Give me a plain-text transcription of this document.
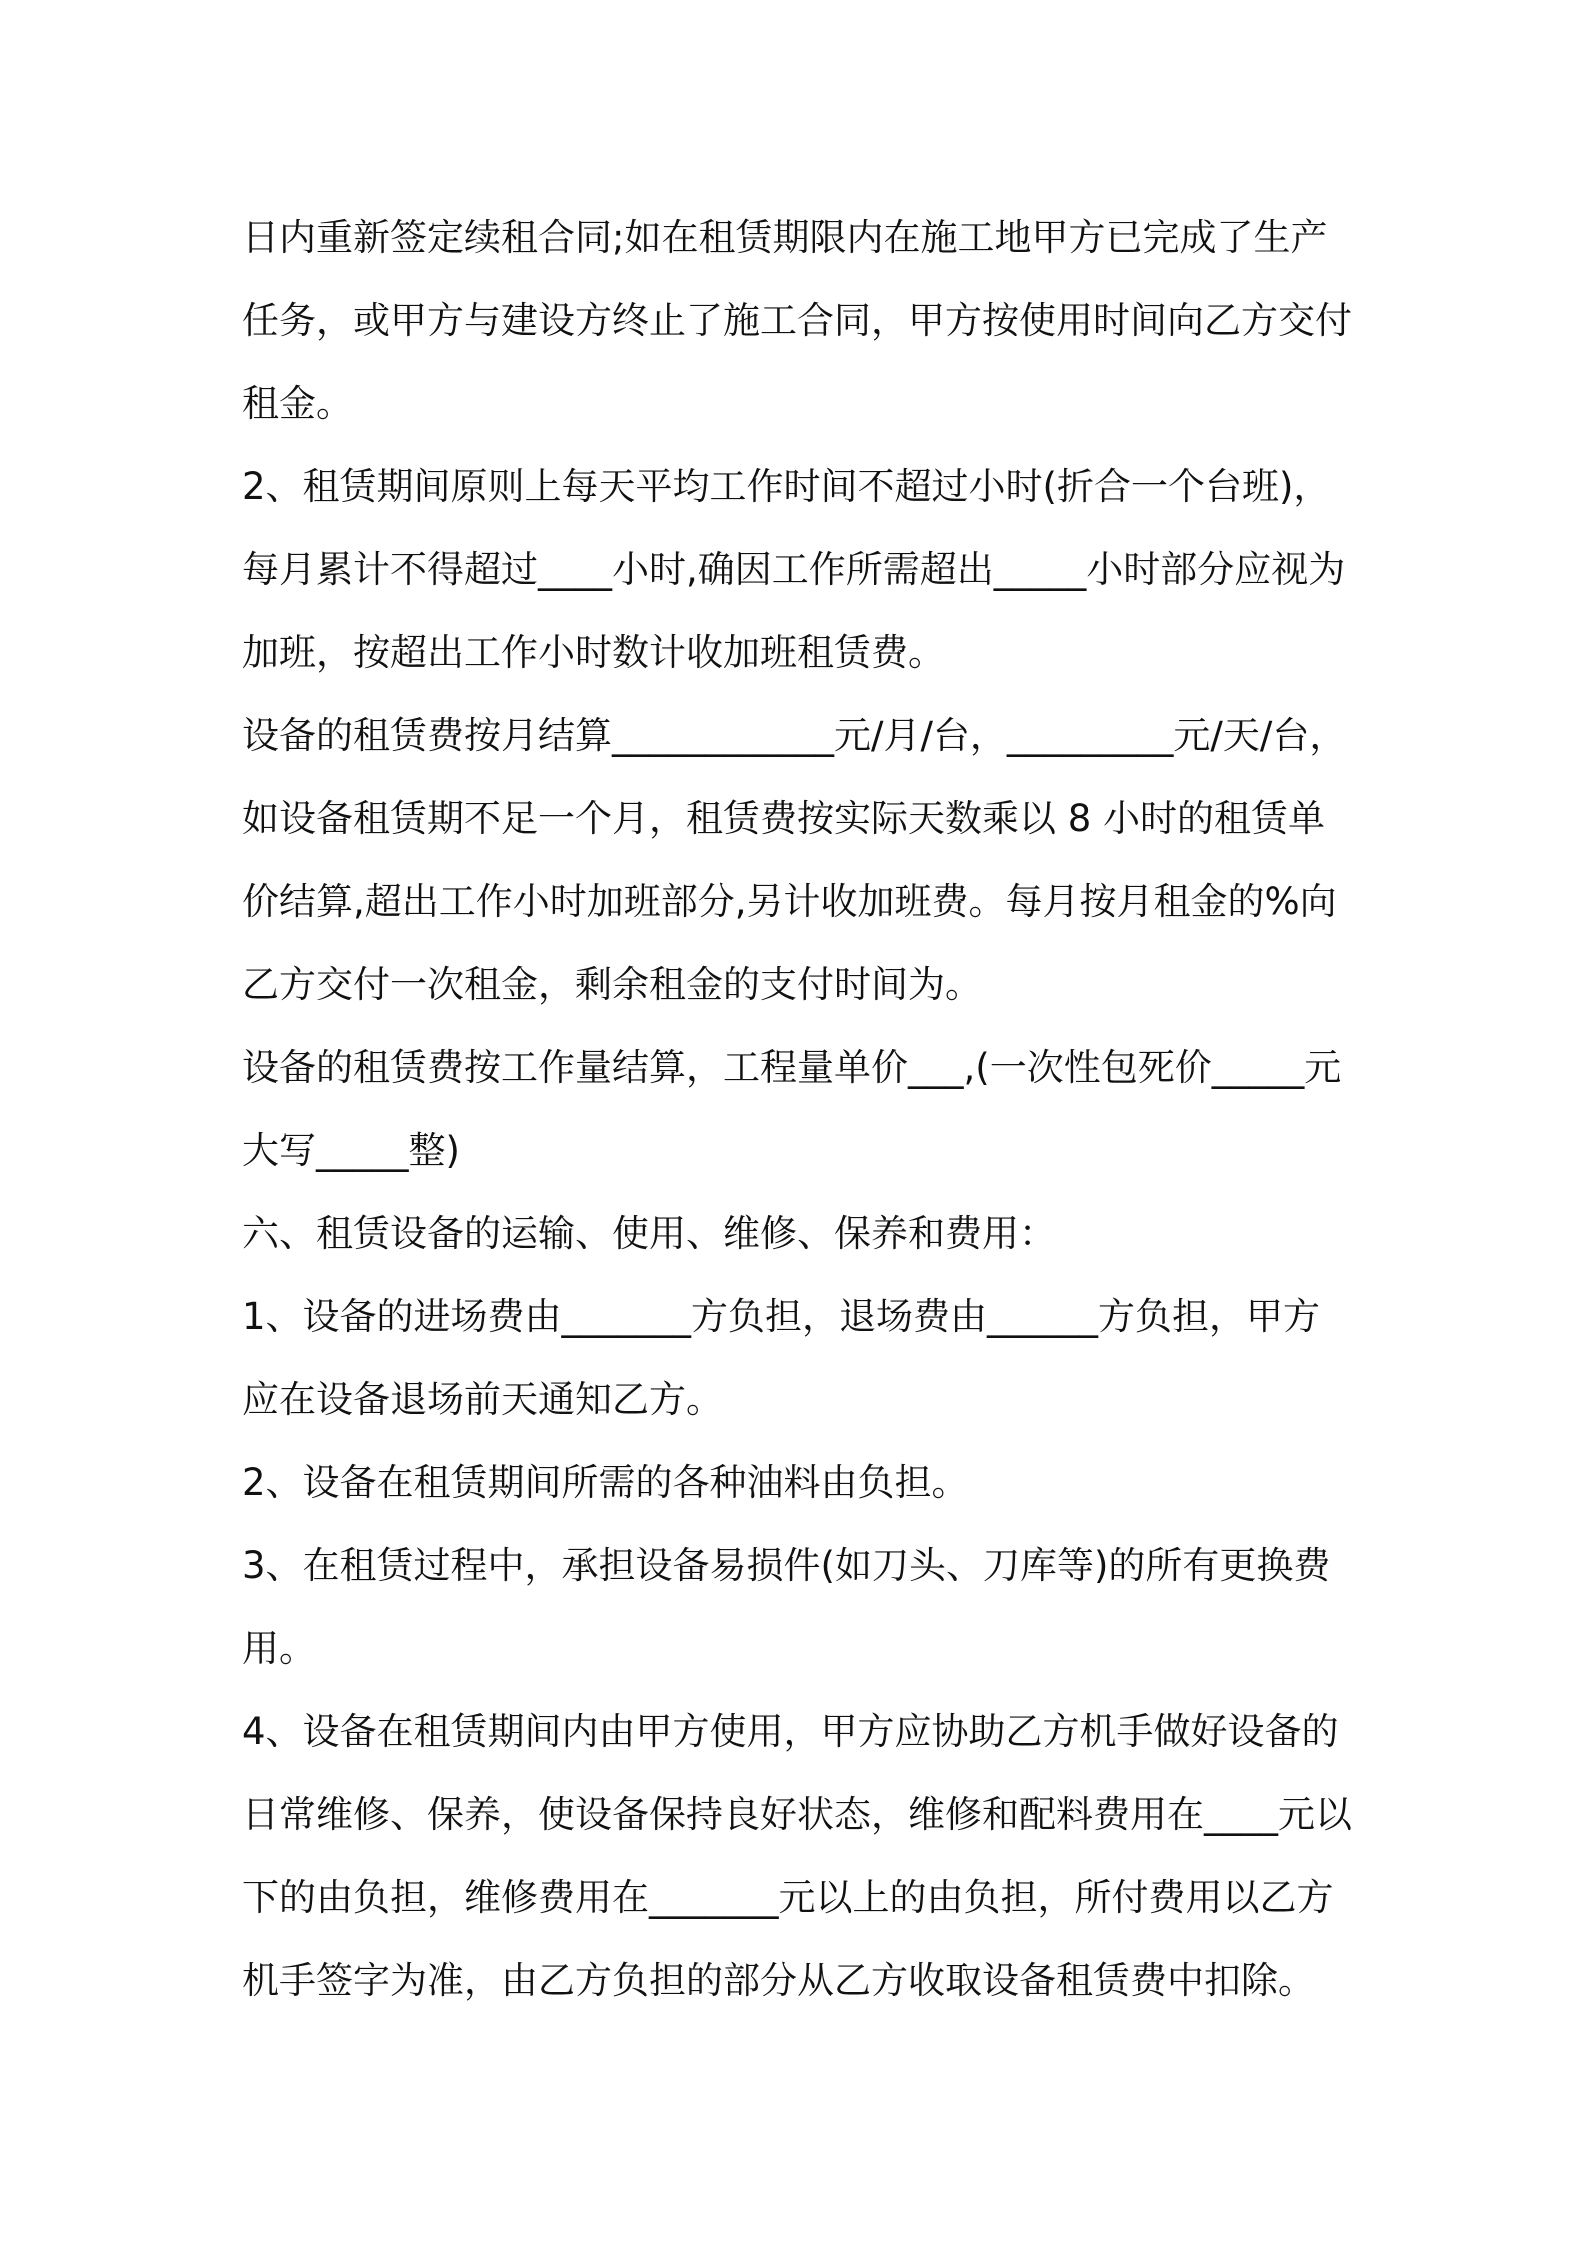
日内重新签定续租合同;如在租赁期限内在施工地甲方已完成了生产任务，或甲方与建设方终止了施工合同，甲方按使用时间向乙方交付租金。

2、租赁期间原则上每天平均工作时间不超过小时(折合一个台班)，每月累计不得超过____小时,确因工作所需超出_____小时部分应视为加班，按超出工作小时数计收加班租赁费。

设备的租赁费按月结算____________元/月/台，_________元/天/台，如设备租赁期不足一个月，租赁费按实际天数乘以 8 小时的租赁单价结算,超出工作小时加班部分,另计收加班费。每月按月租金的%向乙方交付一次租金，剩余租金的支付时间为。

设备的租赁费按工作量结算，工程量单价___,(一次性包死价_____元大写_____整)

六、租赁设备的运输、使用、维修、保养和费用：

1、设备的进场费由_______方负担，退场费由______方负担，甲方应在设备退场前天通知乙方。

2、设备在租赁期间所需的各种油料由负担。

3、在租赁过程中，承担设备易损件(如刀头、刀库等)的所有更换费用。

4、设备在租赁期间内由甲方使用，甲方应协助乙方机手做好设备的日常维修、保养，使设备保持良好状态，维修和配料费用在____元以下的由负担，维修费用在_______元以上的由负担，所付费用以乙方机手签字为准，由乙方负担的部分从乙方收取设备租赁费中扣除。
